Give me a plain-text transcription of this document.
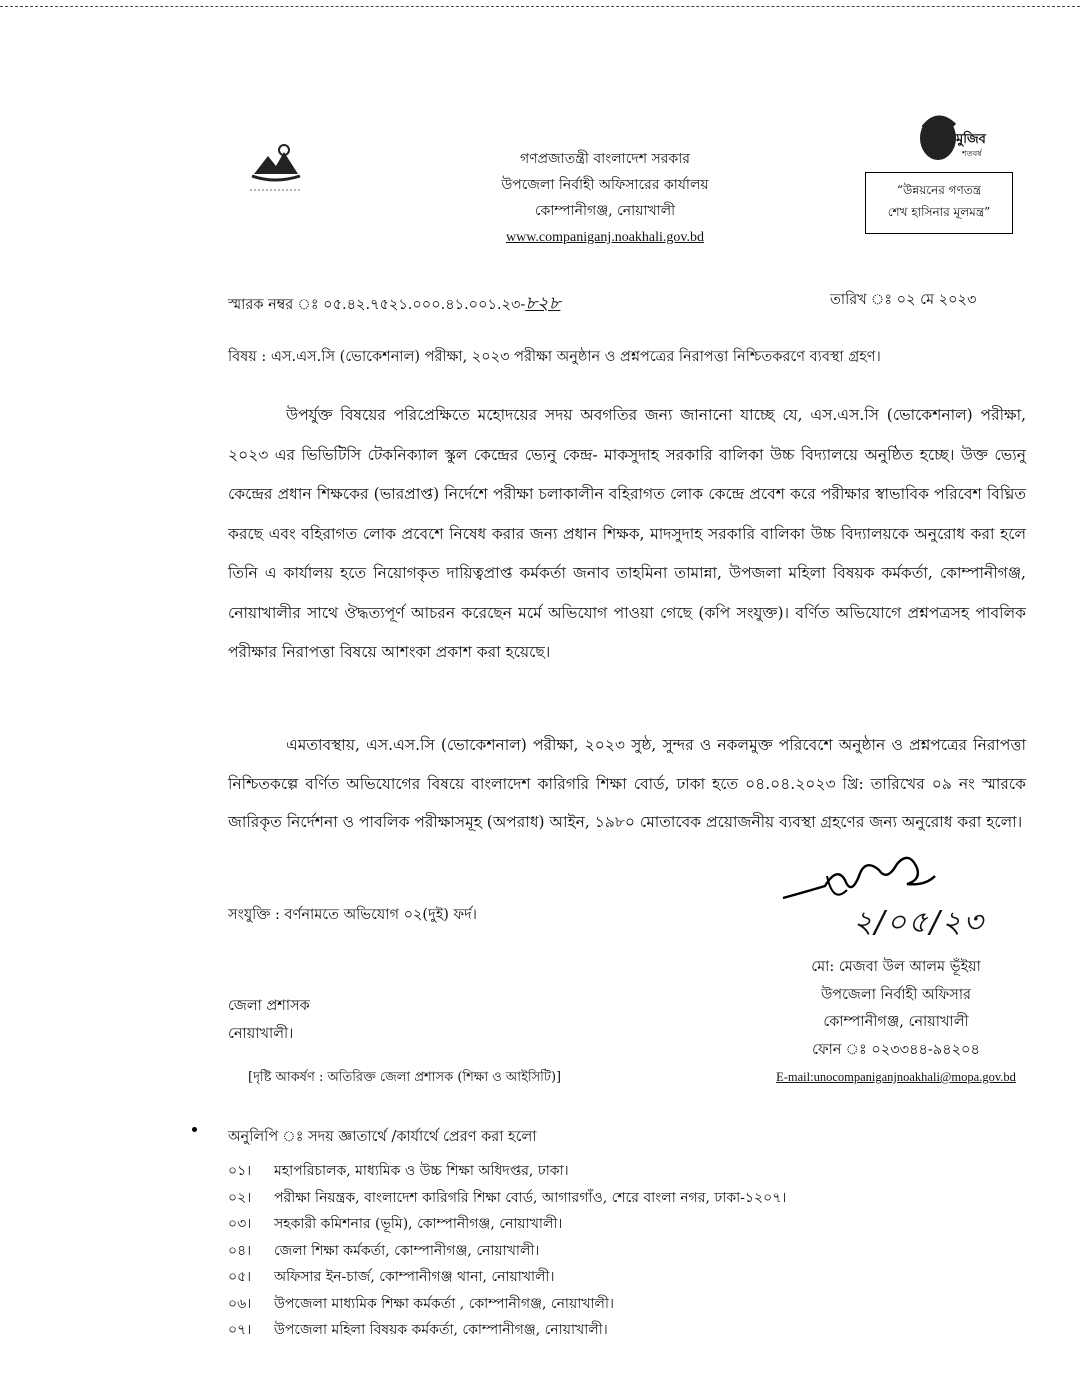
গণপ্রজাতন্ত্রী বাংলাদেশ সরকার
উপজেলা নির্বাহী অফিসারের কার্যালয়
কোম্পানীগঞ্জ, নোয়াখালী
www.companiganj.noakhali.gov.bd
মুজিব
শতবর্ষ
“উন্নয়নের গণতন্ত্র
শেখ হাসিনার মূলমন্ত্র”
স্মারক নম্বর ঃ ০৫.৪২.৭৫২১.০০০.৪১.০০১.২৩-৮২৮	তারিখ ঃ ০২ মে ২০২৩
বিষয় : এস.এস.সি (ভোকেশনাল) পরীক্ষা, ২০২৩ পরীক্ষা অনুষ্ঠান ও প্রশ্নপত্রের নিরাপত্তা নিশ্চিতকরণে ব্যবস্থা গ্রহণ।
উপর্যুক্ত বিষয়ের পরিপ্রেক্ষিতে মহোদয়ের সদয় অবগতির জন্য জানানো যাচ্ছে যে, এস.এস.সি (ভোকেশনাল) পরীক্ষা, ২০২৩ এর ভিভিটিসি টেকনিক্যাল স্কুল কেন্দ্রের ভ্যেনু কেন্দ্র- মাকসুদাহ সরকারি বালিকা উচ্চ বিদ্যালয়ে অনুষ্ঠিত হচ্ছে। উক্ত ভ্যেনু কেন্দ্রের প্রধান শিক্ষকের (ভারপ্রাপ্ত) নির্দেশে পরীক্ষা চলাকালীন বহিরাগত লোক কেন্দ্রে প্রবেশ করে পরীক্ষার স্বাভাবিক পরিবেশ বিঘ্নিত করছে এবং বহিরাগত লোক প্রবেশে নিষেধ করার জন্য প্রধান শিক্ষক, মাদসুদাহ সরকারি বালিকা উচ্চ বিদ্যালয়কে অনুরোধ করা হলে তিনি এ কার্যালয় হতে নিয়োগকৃত দায়িত্বপ্রাপ্ত কর্মকর্তা জনাব তাহমিনা তামান্না, উপজলা মহিলা বিষয়ক কর্মকর্তা, কোম্পানীগঞ্জ, নোয়াখালীর সাথে ঔদ্ধত্যপূর্ণ আচরন করেছেন মর্মে অভিযোগ পাওয়া গেছে (কপি সংযুক্ত)। বর্ণিত অভিযোগে প্রশ্নপত্রসহ পাবলিক পরীক্ষার নিরাপত্তা বিষয়ে আশংকা প্রকাশ করা হয়েছে।
এমতাবস্থায়, এস.এস.সি (ভোকেশনাল) পরীক্ষা, ২০২৩ সুষ্ঠ, সুন্দর ও নকলমুক্ত পরিবেশে অনুষ্ঠান ও প্রশ্নপত্রের নিরাপত্তা নিশ্চিতকল্পে বর্ণিত অভিযোগের বিষয়ে বাংলাদেশ কারিগরি শিক্ষা বোর্ড, ঢাকা হতে ০৪.০৪.২০২৩ খ্রি: তারিখের ০৯ নং স্মারকে জারিকৃত নির্দেশনা ও পাবলিক পরীক্ষাসমূহ (অপরাধ) আইন, ১৯৮০ মোতাবেক প্রয়োজনীয় ব্যবস্থা গ্রহণের জন্য অনুরোধ করা হলো।
সংযুক্তি : বর্ণনামতে অভিযোগ ০২(দুই) ফর্দ।	২/০৫/২৩
মো: মেজবা উল আলম ভূঁইয়া
উপজেলা নির্বাহী অফিসার
কোম্পানীগঞ্জ, নোয়াখালী
ফোন ঃ ০২৩৩৪৪-৯৪২০৪
E-mail:unocompaniganjnoakhali@mopa.gov.bd
জেলা প্রশাসক
নোয়াখালী।
[দৃষ্টি আকর্ষণ : অতিরিক্ত জেলা প্রশাসক (শিক্ষা ও আইসিটি)]
অনুলিপি ঃ সদয় জ্ঞাতার্থে /কার্যার্থে প্রেরণ করা হলো
০১। মহাপরিচালক, মাধ্যমিক ও উচ্চ শিক্ষা অধিদপ্তর, ঢাকা।
০২। পরীক্ষা নিয়ন্ত্রক, বাংলাদেশ কারিগরি শিক্ষা বোর্ড, আগারগাঁও, শেরে বাংলা নগর, ঢাকা-১২০৭।
০৩। সহকারী কমিশনার (ভূমি), কোম্পানীগঞ্জ, নোয়াখালী।
০৪। জেলা শিক্ষা কর্মকর্তা, কোম্পানীগঞ্জ, নোয়াখালী।
০৫। অফিসার ইন-চার্জ, কোম্পানীগঞ্জ থানা, নোয়াখালী।
০৬। উপজেলা মাধ্যমিক শিক্ষা কর্মকর্তা , কোম্পানীগঞ্জ, নোয়াখালী।
০৭। উপজেলা মহিলা বিষয়ক কর্মকর্তা, কোম্পানীগঞ্জ, নোয়াখালী।
